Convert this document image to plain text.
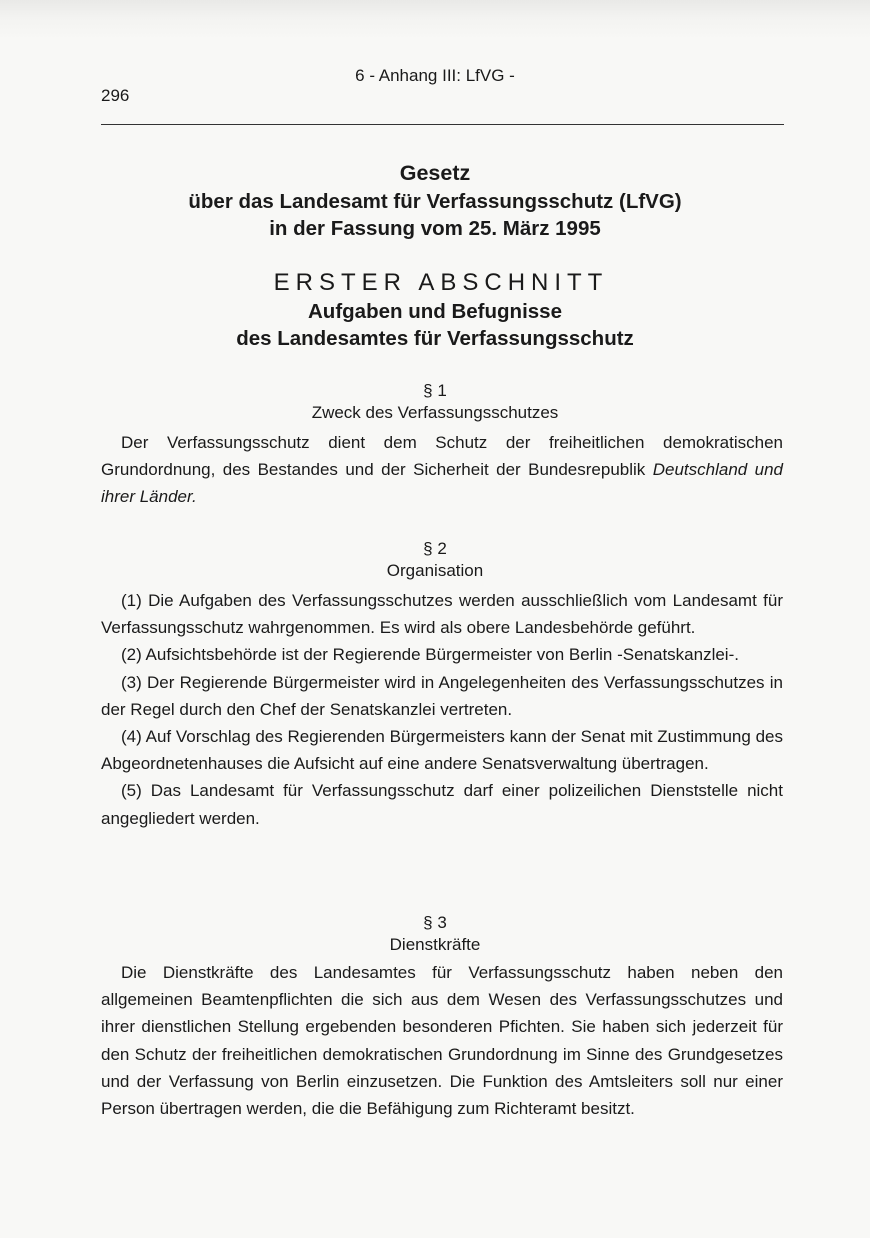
6 - Anhang III: LfVG -
296
Gesetz
über das Landesamt für Verfassungsschutz (LfVG)
in der Fassung vom 25. März 1995
ERSTER ABSCHNITT
Aufgaben und Befugnisse
des Landesamtes für Verfassungsschutz
§ 1
Zweck des Verfassungsschutzes

Der Verfassungsschutz dient dem Schutz der freiheitlichen demokratischen Grundordnung, des Bestandes und der Sicherheit der Bundesrepublik Deutschland und ihrer Länder.

§ 2
Organisation

(1) Die Aufgaben des Verfassungsschutzes werden ausschließlich vom Landesamt für Verfassungsschutz wahrgenommen. Es wird als obere Landesbehörde geführt.

(2) Aufsichtsbehörde ist der Regierende Bürgermeister von Berlin -Senatskanzlei-.

(3) Der Regierende Bürgermeister wird in Angelegenheiten des Verfassungsschutzes in der Regel durch den Chef der Senatskanzlei vertreten.

(4) Auf Vorschlag des Regierenden Bürgermeisters kann der Senat mit Zustimmung des Abgeordnetenhauses die Aufsicht auf eine andere Senatsverwaltung übertragen.

(5) Das Landesamt für Verfassungsschutz darf einer polizeilichen Dienststelle nicht angegliedert werden.

§ 3
Dienstkräfte

Die Dienstkräfte des Landesamtes für Verfassungsschutz haben neben den allgemeinen Beamtenpflichten die sich aus dem Wesen des Verfassungsschutzes und ihrer dienstlichen Stellung ergebenden besonderen Pfichten. Sie haben sich jederzeit für den Schutz der freiheitlichen demokratischen Grundordnung im Sinne des Grundgesetzes und der Verfassung von Berlin einzusetzen. Die Funktion des Amtsleiters soll nur einer Person übertragen werden, die die Befähigung zum Richteramt besitzt.
